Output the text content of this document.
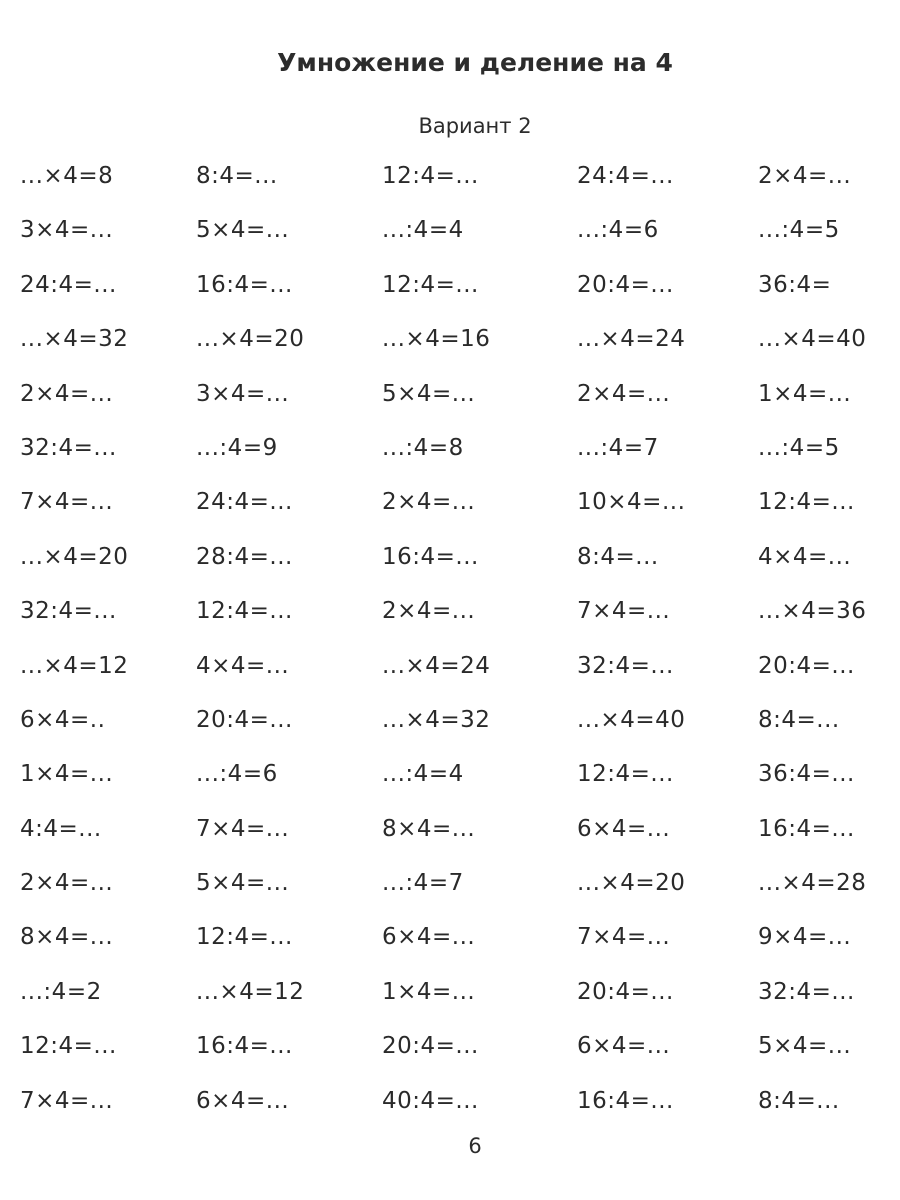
Умножение и деление на 4
Вариант 2
...×4=8	8:4=...	12:4=...	24:4=...	2×4=...
3×4=...	5×4=...	...:4=4	...:4=6	...:4=5
24:4=...	16:4=...	12:4=...	20:4=...	36:4=
...×4=32	...×4=20	...×4=16	...×4=24	...×4=40
2×4=...	3×4=...	5×4=...	2×4=...	1×4=...
32:4=...	...:4=9	...:4=8	...:4=7	...:4=5
7×4=...	24:4=...	2×4=...	10×4=...	12:4=...
...×4=20	28:4=...	16:4=...	8:4=...	4×4=...
32:4=...	12:4=...	2×4=...	7×4=...	...×4=36
...×4=12	4×4=...	...×4=24	32:4=...	20:4=...
6×4=..	20:4=...	...×4=32	...×4=40	8:4=...
1×4=...	...:4=6	...:4=4	12:4=...	36:4=...
4:4=...	7×4=...	8×4=...	6×4=...	16:4=...
2×4=...	5×4=...	...:4=7	...×4=20	...×4=28
8×4=...	12:4=...	6×4=...	7×4=...	9×4=...
...:4=2	...×4=12	1×4=...	20:4=...	32:4=...
12:4=...	16:4=...	20:4=...	6×4=...	5×4=...
7×4=...	6×4=...	40:4=...	16:4=...	8:4=...
6
